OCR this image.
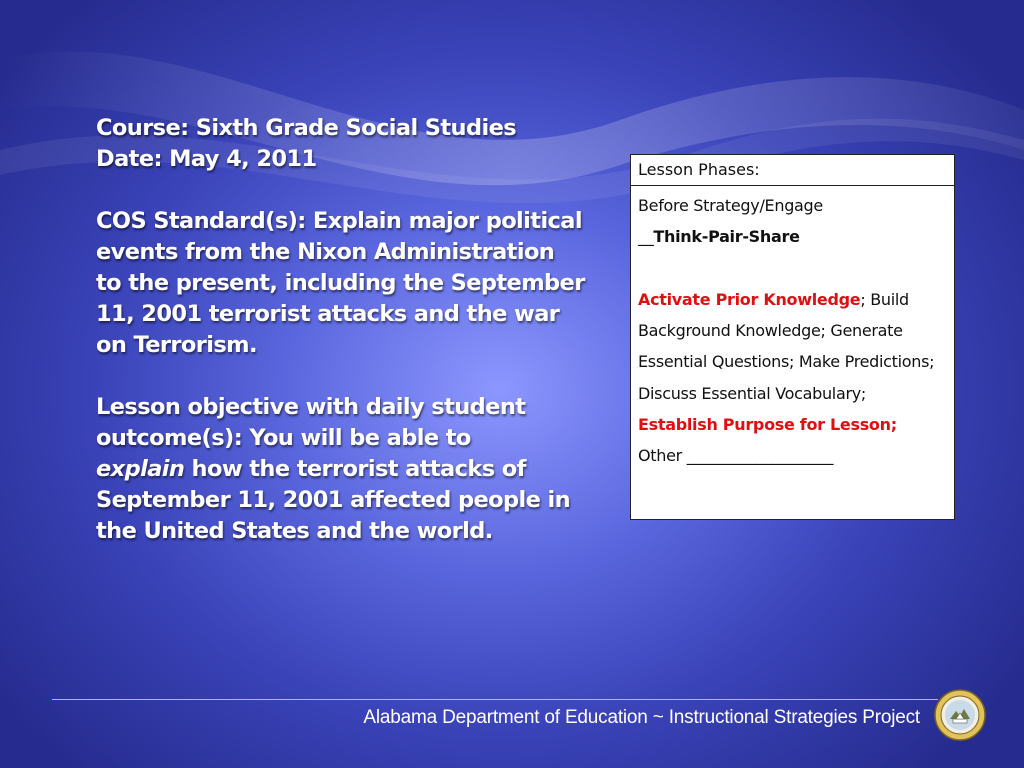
Course: Sixth Grade Social Studies

Date: May 4, 2011

COS Standard(s): Explain major political events from the Nixon Administration to the present, including the September 11, 2001 terrorist attacks and the war on Terrorism.

Lesson objective with daily student outcome(s): You will be able to
explain how the terrorist attacks of September 11, 2001 affected people in the United States and the world.

Lesson Phases:
Before Strategy/Engage
__Think-Pair-Share
Activate Prior Knowledge; Build Background Knowledge; Generate Essential Questions; Make Predictions; Discuss Essential Vocabulary; Establish Purpose for Lesson;
Other ___________________
Alabama Department of Education ~ Instructional Strategies Project
